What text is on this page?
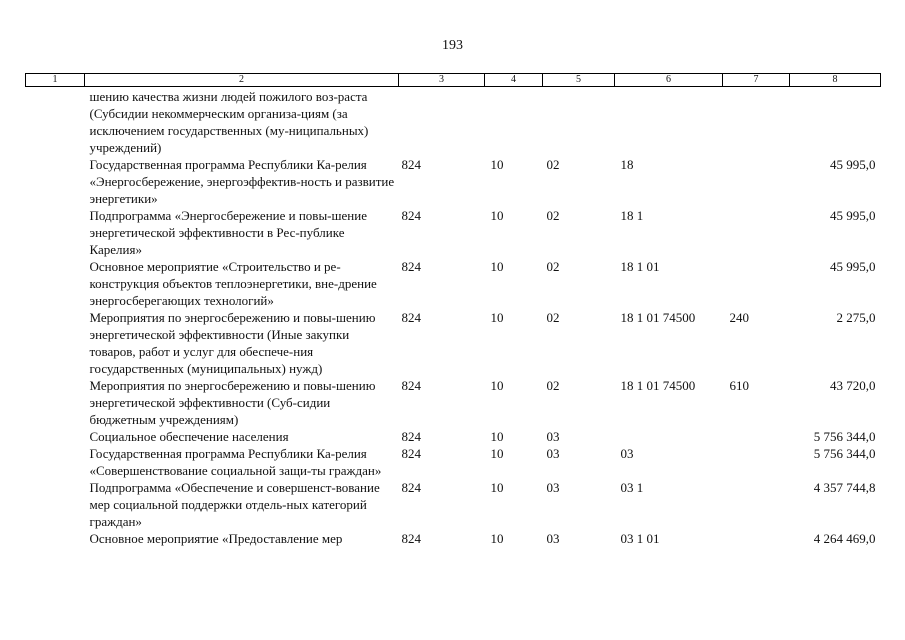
193
1	2	3	4	5	6	7	8
	шению качества жизни людей пожилого воз-раста (Субсидии некоммерческим организа-циям (за исключением государственных (му-ниципальных) учреждений)						
	Государственная программа Республики Ка-релия «Энергосбережение, энергоэффектив-ность и развитие энергетики»	824	10	02	18		45 995,0
	Подпрограмма «Энергосбережение и повы-шение энергетической эффективности в Рес-публике Карелия»	824	10	02	18 1		45 995,0
	Основное мероприятие «Строительство и ре-конструкция объектов теплоэнергетики, вне-дрение энергосберегающих технологий»	824	10	02	18 1 01		45 995,0
	Мероприятия по энергосбережению и повы-шению энергетической эффективности (Иные закупки товаров, работ и услуг для обеспече-ния государственных (муниципальных) нужд)	824	10	02	18 1 01 74500	240	2 275,0
	Мероприятия по энергосбережению и повы-шению энергетической эффективности (Суб-сидии бюджетным учреждениям)	824	10	02	18 1 01 74500	610	43 720,0
	Социальное обеспечение населения	824	10	03			5 756 344,0
	Государственная программа Республики Ка-релия «Совершенствование социальной защи-ты граждан»	824	10	03	03		5 756 344,0
	Подпрограмма «Обеспечение и совершенст-вование мер социальной поддержки отдель-ных категорий граждан»	824	10	03	03 1		4 357 744,8
	Основное мероприятие «Предоставление мер	824	10	03	03 1 01		4 264 469,0
